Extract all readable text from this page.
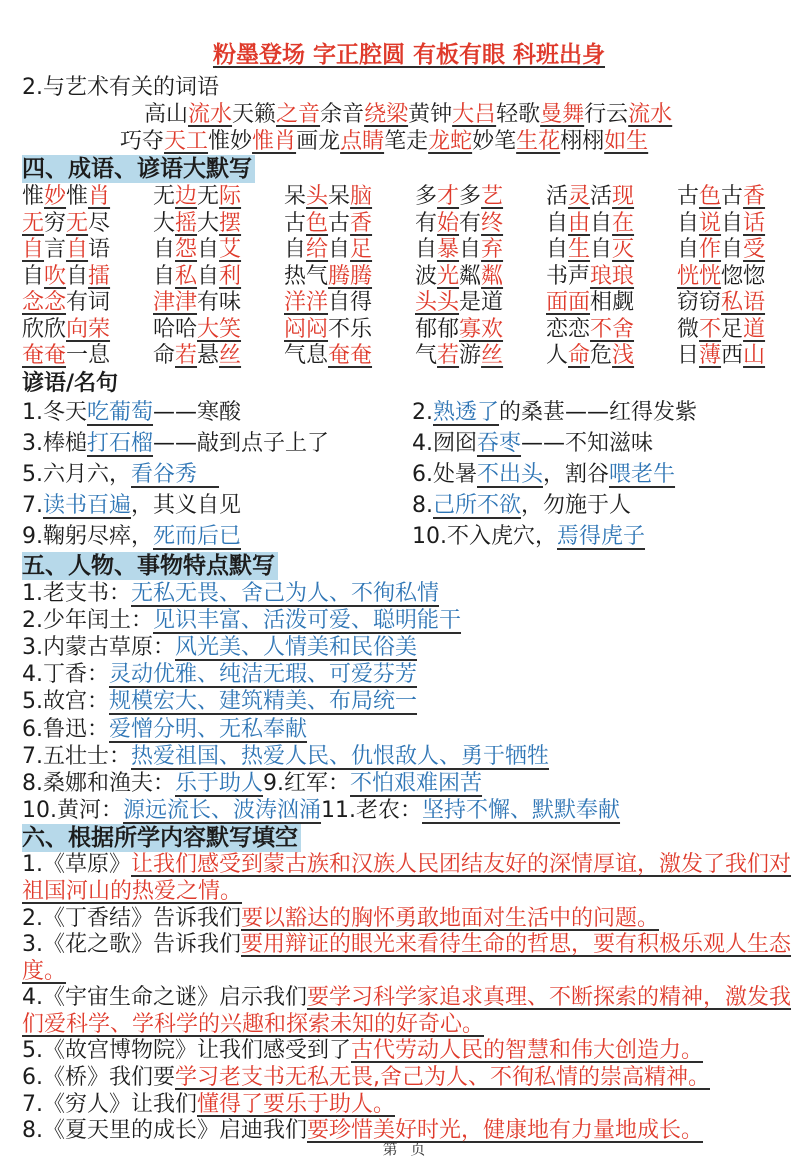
粉墨登场 字正腔圆 有板有眼 科班出身
2.与艺术有关的词语
高山流水天籁之音余音绕梁黄钟大吕轻歌曼舞行云流水
巧夺天工惟妙惟肖画龙点睛笔走龙蛇妙笔生花栩栩如生
四、成语、谚语大默写
惟妙惟肖	无边无际	呆头呆脑	多才多艺	活灵活现	古色古香
无穷无尽	大摇大摆	古色古香	有始有终	自由自在	自说自话
自言自语	自怨自艾	自给自足	自暴自弃	自生自灭	自作自受
自吹自擂	自私自利	热气腾腾	波光粼粼	书声琅琅	恍恍惚惚
念念有词	津津有味	洋洋自得	头头是道	面面相觑	窃窃私语
欣欣向荣	哈哈大笑	闷闷不乐	郁郁寡欢	恋恋不舍	微不足道
奄奄一息	命若悬丝	气息奄奄	气若游丝	人命危浅	日薄西山
谚语/名句
1.冬天吃葡萄——寒酸	2.熟透了的桑葚——红得发紫
3.棒槌打石榴——敲到点子上了	4.囫囵吞枣——不知滋味
5.六月六，看谷秀　	6.处暑不出头，割谷喂老牛
7.读书百遍，其义自见	8.己所不欲，勿施于人
9.鞠躬尽瘁，死而后已	10.不入虎穴，焉得虎子
五、人物、事物特点默写
1.老支书：无私无畏、舍己为人、不徇私情
2.少年闰土：见识丰富、活泼可爱、聪明能干
3.内蒙古草原：风光美、人情美和民俗美
4.丁香：灵动优雅、纯洁无瑕、可爱芬芳
5.故宫：规模宏大、建筑精美、布局统一
6.鲁迅：爱憎分明、无私奉献
7.五壮士：热爱祖国、热爱人民、仇恨敌人、勇于牺牲
8.桑娜和渔夫：乐于助人9.红军：不怕艰难困苦
10.黄河：源远流长、波涛汹涌11.老农：坚持不懈、默默奉献
六、根据所学内容默写填空
1.《草原》让我们感受到蒙古族和汉族人民团结友好的深情厚谊，激发了我们对祖国河山的热爱之情。
2.《丁香结》告诉我们要以豁达的胸怀勇敢地面对生活中的问题。
3.《花之歌》告诉我们要用辩证的眼光来看待生命的哲思，要有积极乐观人生态度。
4.《宇宙生命之谜》启示我们要学习科学家追求真理、不断探索的精神，激发我们爱科学、学科学的兴趣和探索未知的好奇心。
5.《故宫博物院》让我们感受到了古代劳动人民的智慧和伟大创造力。
6.《桥》我们要学习老支书无私无畏,舍己为人、不徇私情的崇高精神。
7.《穷人》让我们懂得了要乐于助人。
8.《夏天里的成长》启迪我们要珍惜美好时光，健康地有力量地成长。
第 页
